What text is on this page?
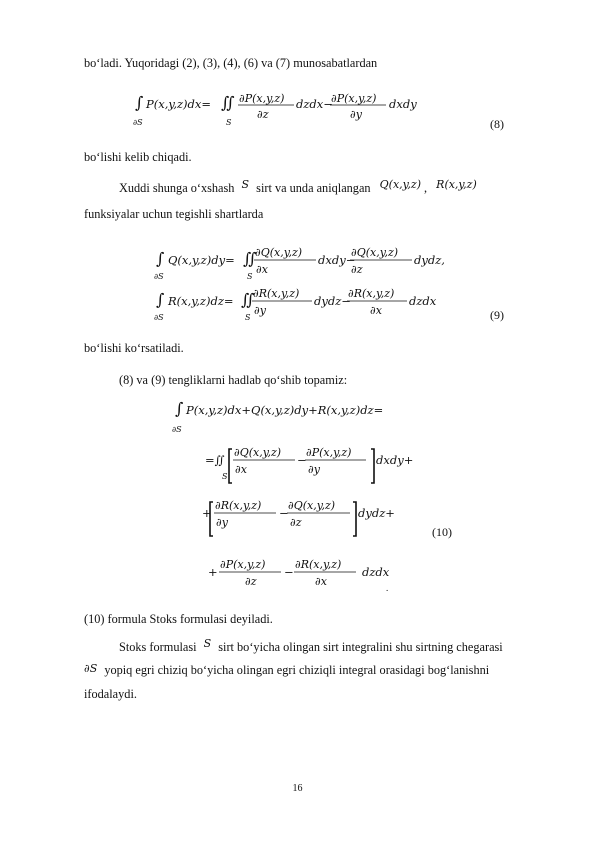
bo‘ladi. Yuqoridagi (2), (3), (4), (6) va (7) munosabatlardan
∫
∂S
P(x,y,z)dx= ∬
S
∂P(x,y,z)
∂z
dzdx−
∂P(x,y,z)
∂y
dxdy
(8)
bo‘lishi kelib chiqadi.
Xuddi shunga o‘xshash S sirt va unda aniqlangan Q(x,y,z) , R(x,y,z)
funksiyalar uchun tegishli shartlarda
∫
∂S
Q(x,y,z)dy= ∬
S
∂Q(x,y,z)
∂x
dxdy−
∂Q(x,y,z)
∂z
dydz,
∫
∂S
R(x,y,z)dz= ∬
S
∂R(x,y,z)
∂y
dydz−
∂R(x,y,z)
∂x
dzdx
(9)
bo‘lishi ko‘rsatiladi.
(8) va (9) tengliklarni hadlab qo‘shib topamiz:
∫
∂S
P(x,y,z)dx+Q(x,y,z)dy+R(x,y,z)dz=
=∬
S
∂Q(x,y,z)
∂x
−
∂P(x,y,z)
∂y
dxdy+
+
∂R(x,y,z)
∂y
−
∂Q(x,y,z)
∂z
dydz+
+
∂P(x,y,z)
∂z
−
∂R(x,y,z)
∂x
dzdx
(10)
.
(10) formula Stoks formulasi deyiladi.
Stoks formulasi S sirt bo‘yicha olingan sirt integralini shu sirtning chegarasi
∂S yopiq egri chiziq bo‘yicha olingan egri chiziqli integral orasidagi bog‘lanishni
ifodalaydi.
16
